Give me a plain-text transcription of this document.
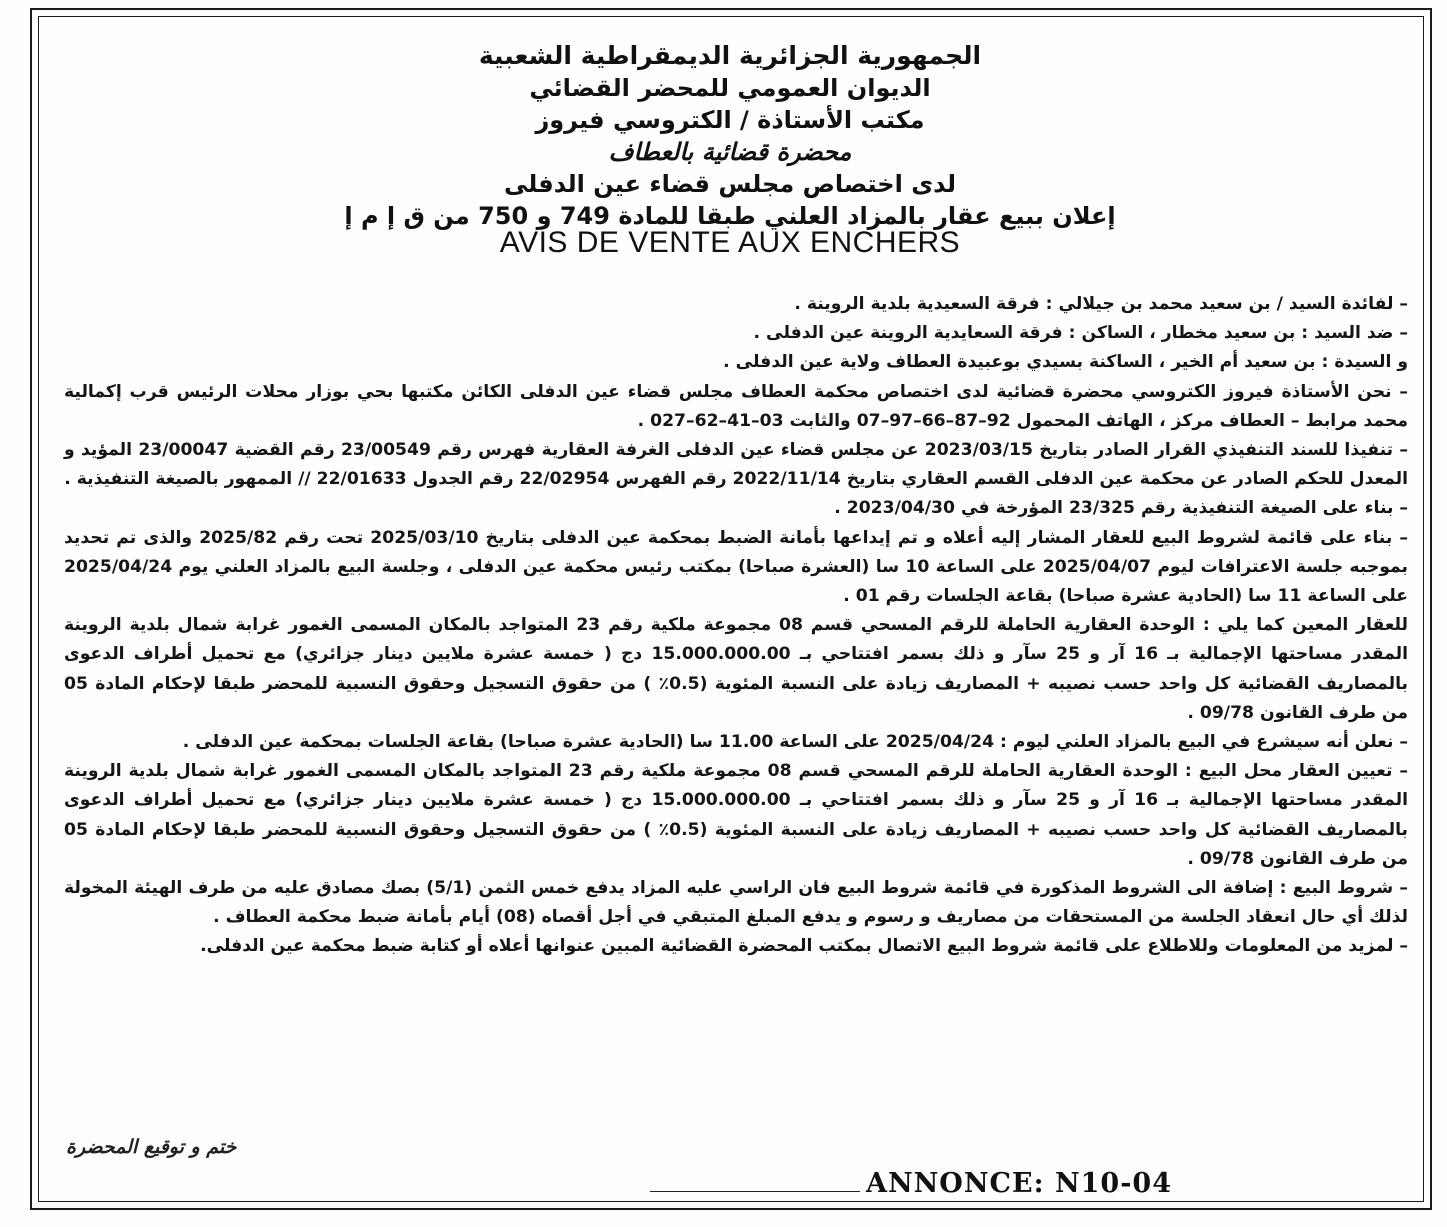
الجمهورية الجزائرية الديمقراطية الشعبية
الديوان العمومي للمحضر القضائي
مكتب الأستاذة / الكتروسي فيروز
محضرة قضائية بالعطاف
لدى اختصاص مجلس قضاء عين الدفلى
إعلان ببيع عقار بالمزاد العلني طبقا للمادة 749 و 750 من ق إ م إ
AVIS DE VENTE AUX ENCHERS

– لفائدة السيد / بن سعيد محمد بن جيلالي : فرقة السعيدية بلدية الروينة .

– ضد السيد : بن سعيد مخطار ، الساكن : فرقة السعايدية الروينة عين الدفلى .

و السيدة : بن سعيد أم الخير ، الساكنة بسيدي بوعبيدة العطاف ولاية عين الدفلى .

– نحن الأستاذة فيروز الكتروسي محضرة قضائية لدى اختصاص محكمة العطاف مجلس قضاء عين الدفلى الكائن مكتبها بحي بوزار محلات الرئيس قرب إكمالية محمد مرابط – العطاف مركز ، الهاتف المحمول 92–87–66–97–07 والثابت 03–41–62–027 .

– تنفيذا للسند التنفيذي القرار الصادر بتاريخ 2023/03/15 عن مجلس قضاء عين الدفلى الغرفة العقارية فهرس رقم 23/00549 رقم القضية 23/00047 المؤيد و المعدل للحكم الصادر عن محكمة عين الدفلى القسم العقاري بتاريخ 2022/11/14 رقم الفهرس 22/02954 رقم الجدول 22/01633 // الممهور بالصيغة التنفيذية .

– بناء على الصيغة التنفيذية رقم 23/325 المؤرخة في 2023/04/30 .

– بناء على قائمة لشروط البيع للعقار المشار إليه أعلاه و تم إيداعها بأمانة الضبط بمحكمة عين الدفلى بتاريخ 2025/03/10 تحت رقم 2025/82 والذى تم تحديد بموجبه جلسة الاعترافات ليوم 2025/04/07 على الساعة 10 سا (العشرة صباحا) بمكتب رئيس محكمة عين الدفلى ، وجلسة البيع بالمزاد العلني يوم 2025/04/24 على الساعة 11 سا (الحادية عشرة صباحا) بقاعة الجلسات رقم 01 .

للعقار المعين كما يلي : الوحدة العقارية الحاملة للرقم المسحي قسم 08 مجموعة ملكية رقم 23 المتواجد بالمكان المسمى الغمور غرابة شمال بلدية الروينة المقدر مساحتها الإجمالية بـ 16 آر و 25 سآر و ذلك بسمر افتتاحي بـ 15.000.000.00 دج ( خمسة عشرة ملايين دينار جزائري) مع تحميل أطراف الدعوى بالمصاريف القضائية كل واحد حسب نصيبه + المصاريف زيادة على النسبة المئوية (0.5٪ ) من حقوق التسجيل وحقوق النسبية للمحضر طبقا لإحكام المادة 05 من طرف القانون 09/78 .

– نعلن أنه سيشرع في البيع بالمزاد العلني ليوم : 2025/04/24 على الساعة 11.00 سا (الحادية عشرة صباحا) بقاعة الجلسات بمحكمة عين الدفلى .

– تعيين العقار محل البيع : الوحدة العقارية الحاملة للرقم المسحي قسم 08 مجموعة ملكية رقم 23 المتواجد بالمكان المسمى الغمور غرابة شمال بلدية الروينة المقدر مساحتها الإجمالية بـ 16 آر و 25 سآر و ذلك بسمر افتتاحي بـ 15.000.000.00 دج ( خمسة عشرة ملايين دينار جزائري) مع تحميل أطراف الدعوى بالمصاريف القضائية كل واحد حسب نصيبه + المصاريف زيادة على النسبة المئوية (0.5٪ ) من حقوق التسجيل وحقوق النسبية للمحضر طبقا لإحكام المادة 05 من طرف القانون 09/78 .

– شروط البيع : إضافة الى الشروط المذكورة في قائمة شروط البيع فان الراسي عليه المزاد يدفع خمس الثمن (5/1) بصك مصادق عليه من طرف الهيئة المخولة لذلك أي حال انعقاد الجلسة من المستحقات من مصاريف و رسوم و يدفع المبلغ المتبقي في أجل أقصاه (08) أيام بأمانة ضبط محكمة العطاف .

– لمزيد من المعلومات وللاطلاع على قائمة شروط البيع الاتصال بمكتب المحضرة القضائية المبين عنوانها أعلاه أو كتابة ضبط محكمة عين الدفلى.

ختم و توقيع المحضرة
ANNONCE: N10-04
